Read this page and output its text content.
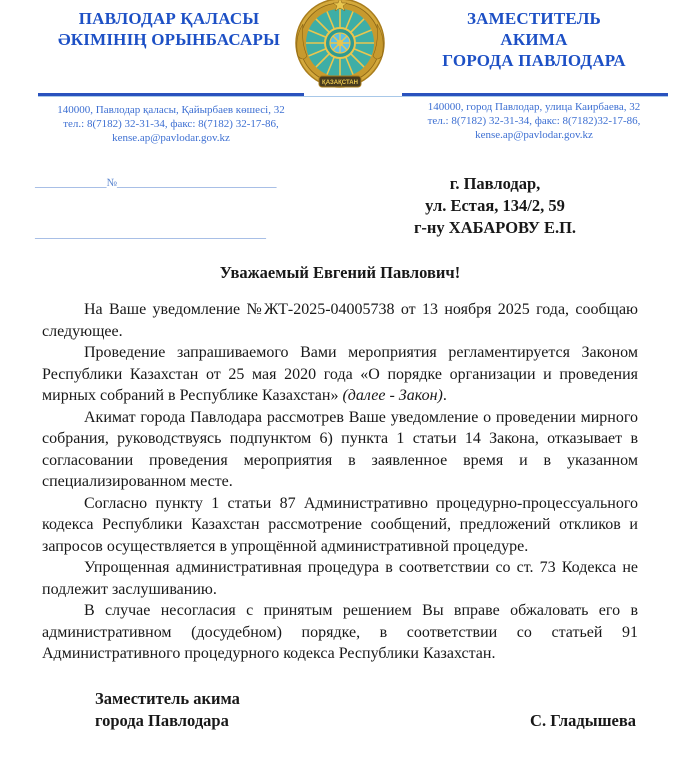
ПАВЛОДАР ҚАЛАСЫ
ӘКІМІНІҢ ОРЫНБАСАРЫ
ЗАМЕСТИТЕЛЬ
АКИМА
ГОРОДА ПАВЛОДАРА
ҚАЗАҚСТАН
140000, Павлодар қаласы, Қайырбаев көшесі, 32
тел.: 8(7182) 32-31-34, факс: 8(7182) 32-17-86,
kense.ap@pavlodar.gov.kz
140000, город Павлодар, улица Каирбаева, 32
тел.: 8(7182) 32-31-34, факс: 8(7182)32-17-86,
kense.ap@pavlodar.gov.kz

_____________№_____________________________

__________________________________________

г. Павлодар,
ул. Естая, 134/2, 59
г-ну ХАБАРОВУ Е.П.
Уважаемый Евгений Павлович!

На Ваше уведомление №ЖТ-2025-04005738 от 13 ноября 2025 года, сообщаю следующее.

Проведение запрашиваемого Вами мероприятия регламентируется Законом Республики Казахстан от 25 мая 2020 года «О порядке организации и проведения мирных собраний в Республике Казахстан» (далее - Закон).

Акимат города Павлодара рассмотрев Ваше уведомление о проведении мирного собрания, руководствуясь подпунктом 6) пункта 1 статьи 14 Закона, отказывает в согласовании проведения мероприятия в заявленное время и в указанном специализированном месте.

Согласно пункту 1 статьи 87 Административно процедурно-процессуального кодекса Республики Казахстан рассмотрение сообщений, предложений откликов и запросов осуществляется в упрощённой административной процедуре.

Упрощенная административная процедура в соответствии со ст. 73 Кодекса не подлежит заслушиванию.

В случае несогласия с принятым решением Вы вправе обжаловать его в административном (досудебном) порядке, в соответствии со статьей 91 Административного процедурного кодекса Республики Казахстан.

Заместитель акима
города Павлодара	С. Гладышева
